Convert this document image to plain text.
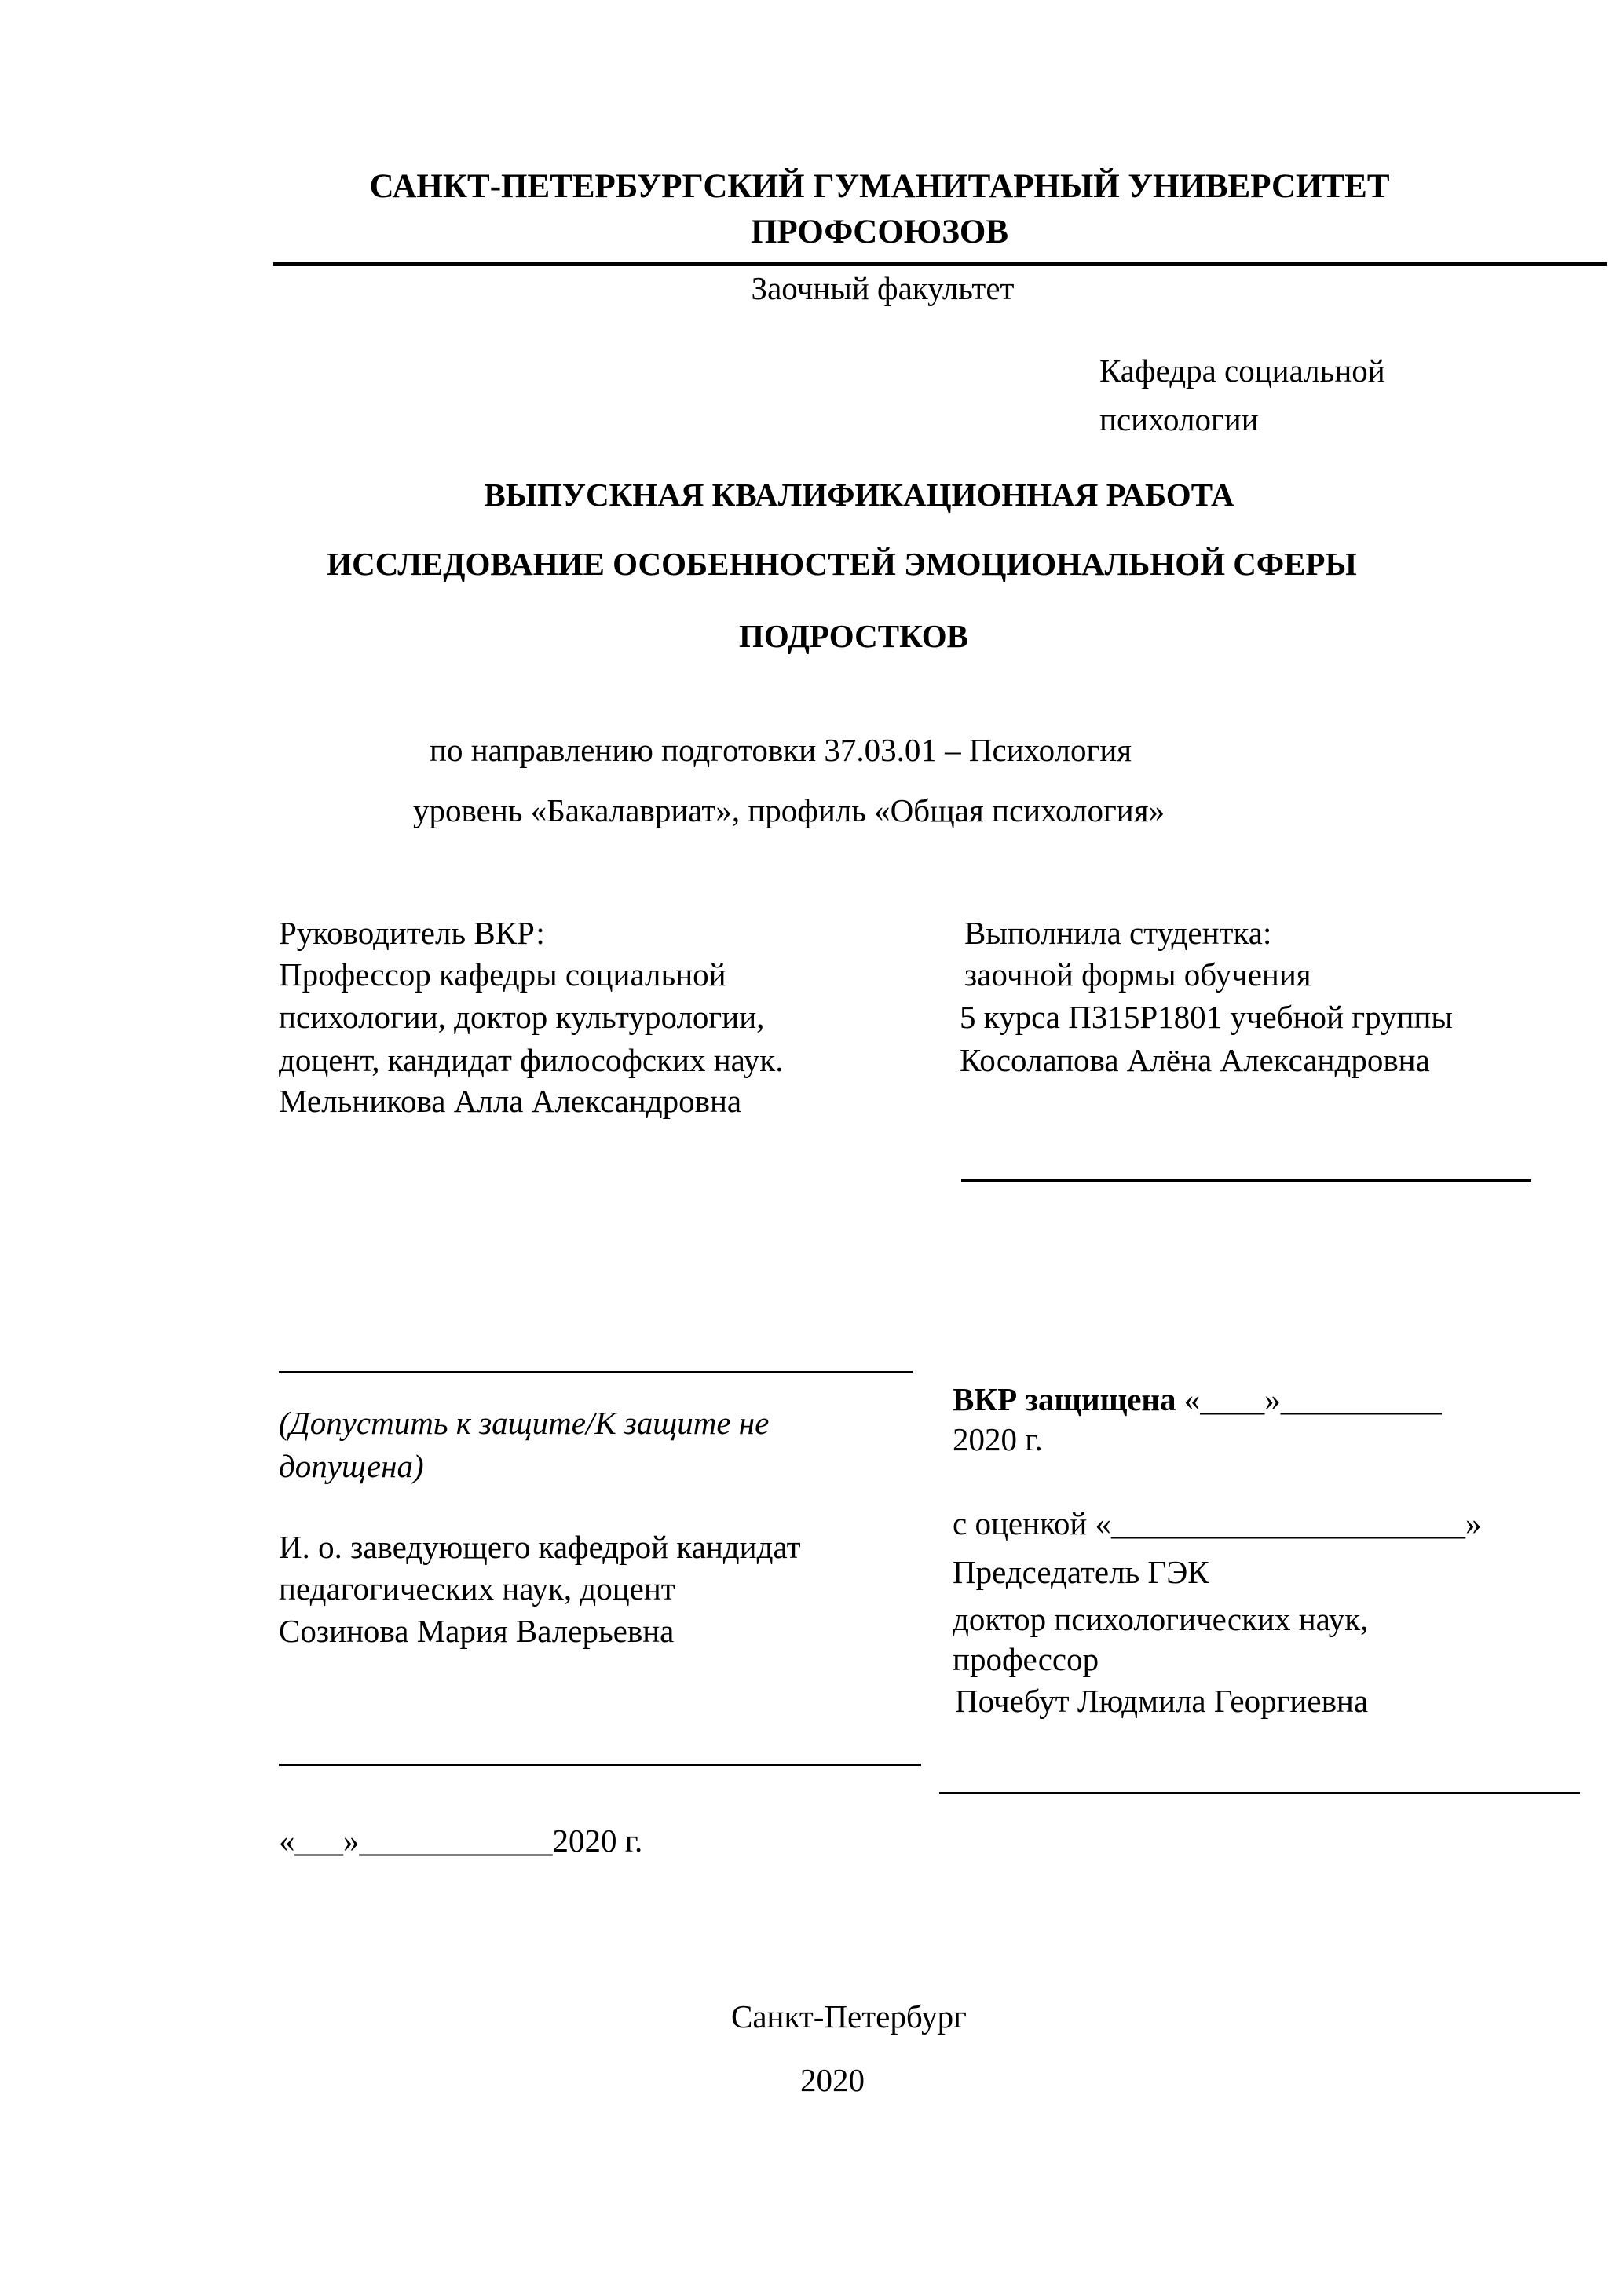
САНКТ-ПЕТЕРБУРГСКИЙ ГУМАНИТАРНЫЙ УНИВЕРСИТЕТ
ПРОФСОЮЗОВ
Заочный факультет
Кафедра социальной
психологии
ВЫПУСКНАЯ КВАЛИФИКАЦИОННАЯ РАБОТА
ИССЛЕДОВАНИЕ ОСОБЕННОСТЕЙ ЭМОЦИОНАЛЬНОЙ СФЕРЫ
ПОДРОСТКОВ
по направлению подготовки 37.03.01 – Психология
уровень «Бакалавриат», профиль «Общая психология»
Руководитель ВКР:
Профессор кафедры социальной
психологии, доктор культурологии,
доцент, кандидат философских наук.
Мельникова Алла Александровна
Выполнила студентка:
заочной формы обучения
5 курса ПЗ15Р1801 учебной группы
Косолапова Алёна Александровна
(Допустить к защите/К защите не
допущена)
И. о. заведующего кафедрой кандидат
педагогических наук, доцент
Созинова Мария Валерьевна
«___»____________2020 г.
ВКР защищена «____»__________
2020 г.
с оценкой «______________________»
Председатель ГЭК
доктор психологических наук,
профессор
Почебут Людмила Георгиевна
Санкт-Петербург
2020
